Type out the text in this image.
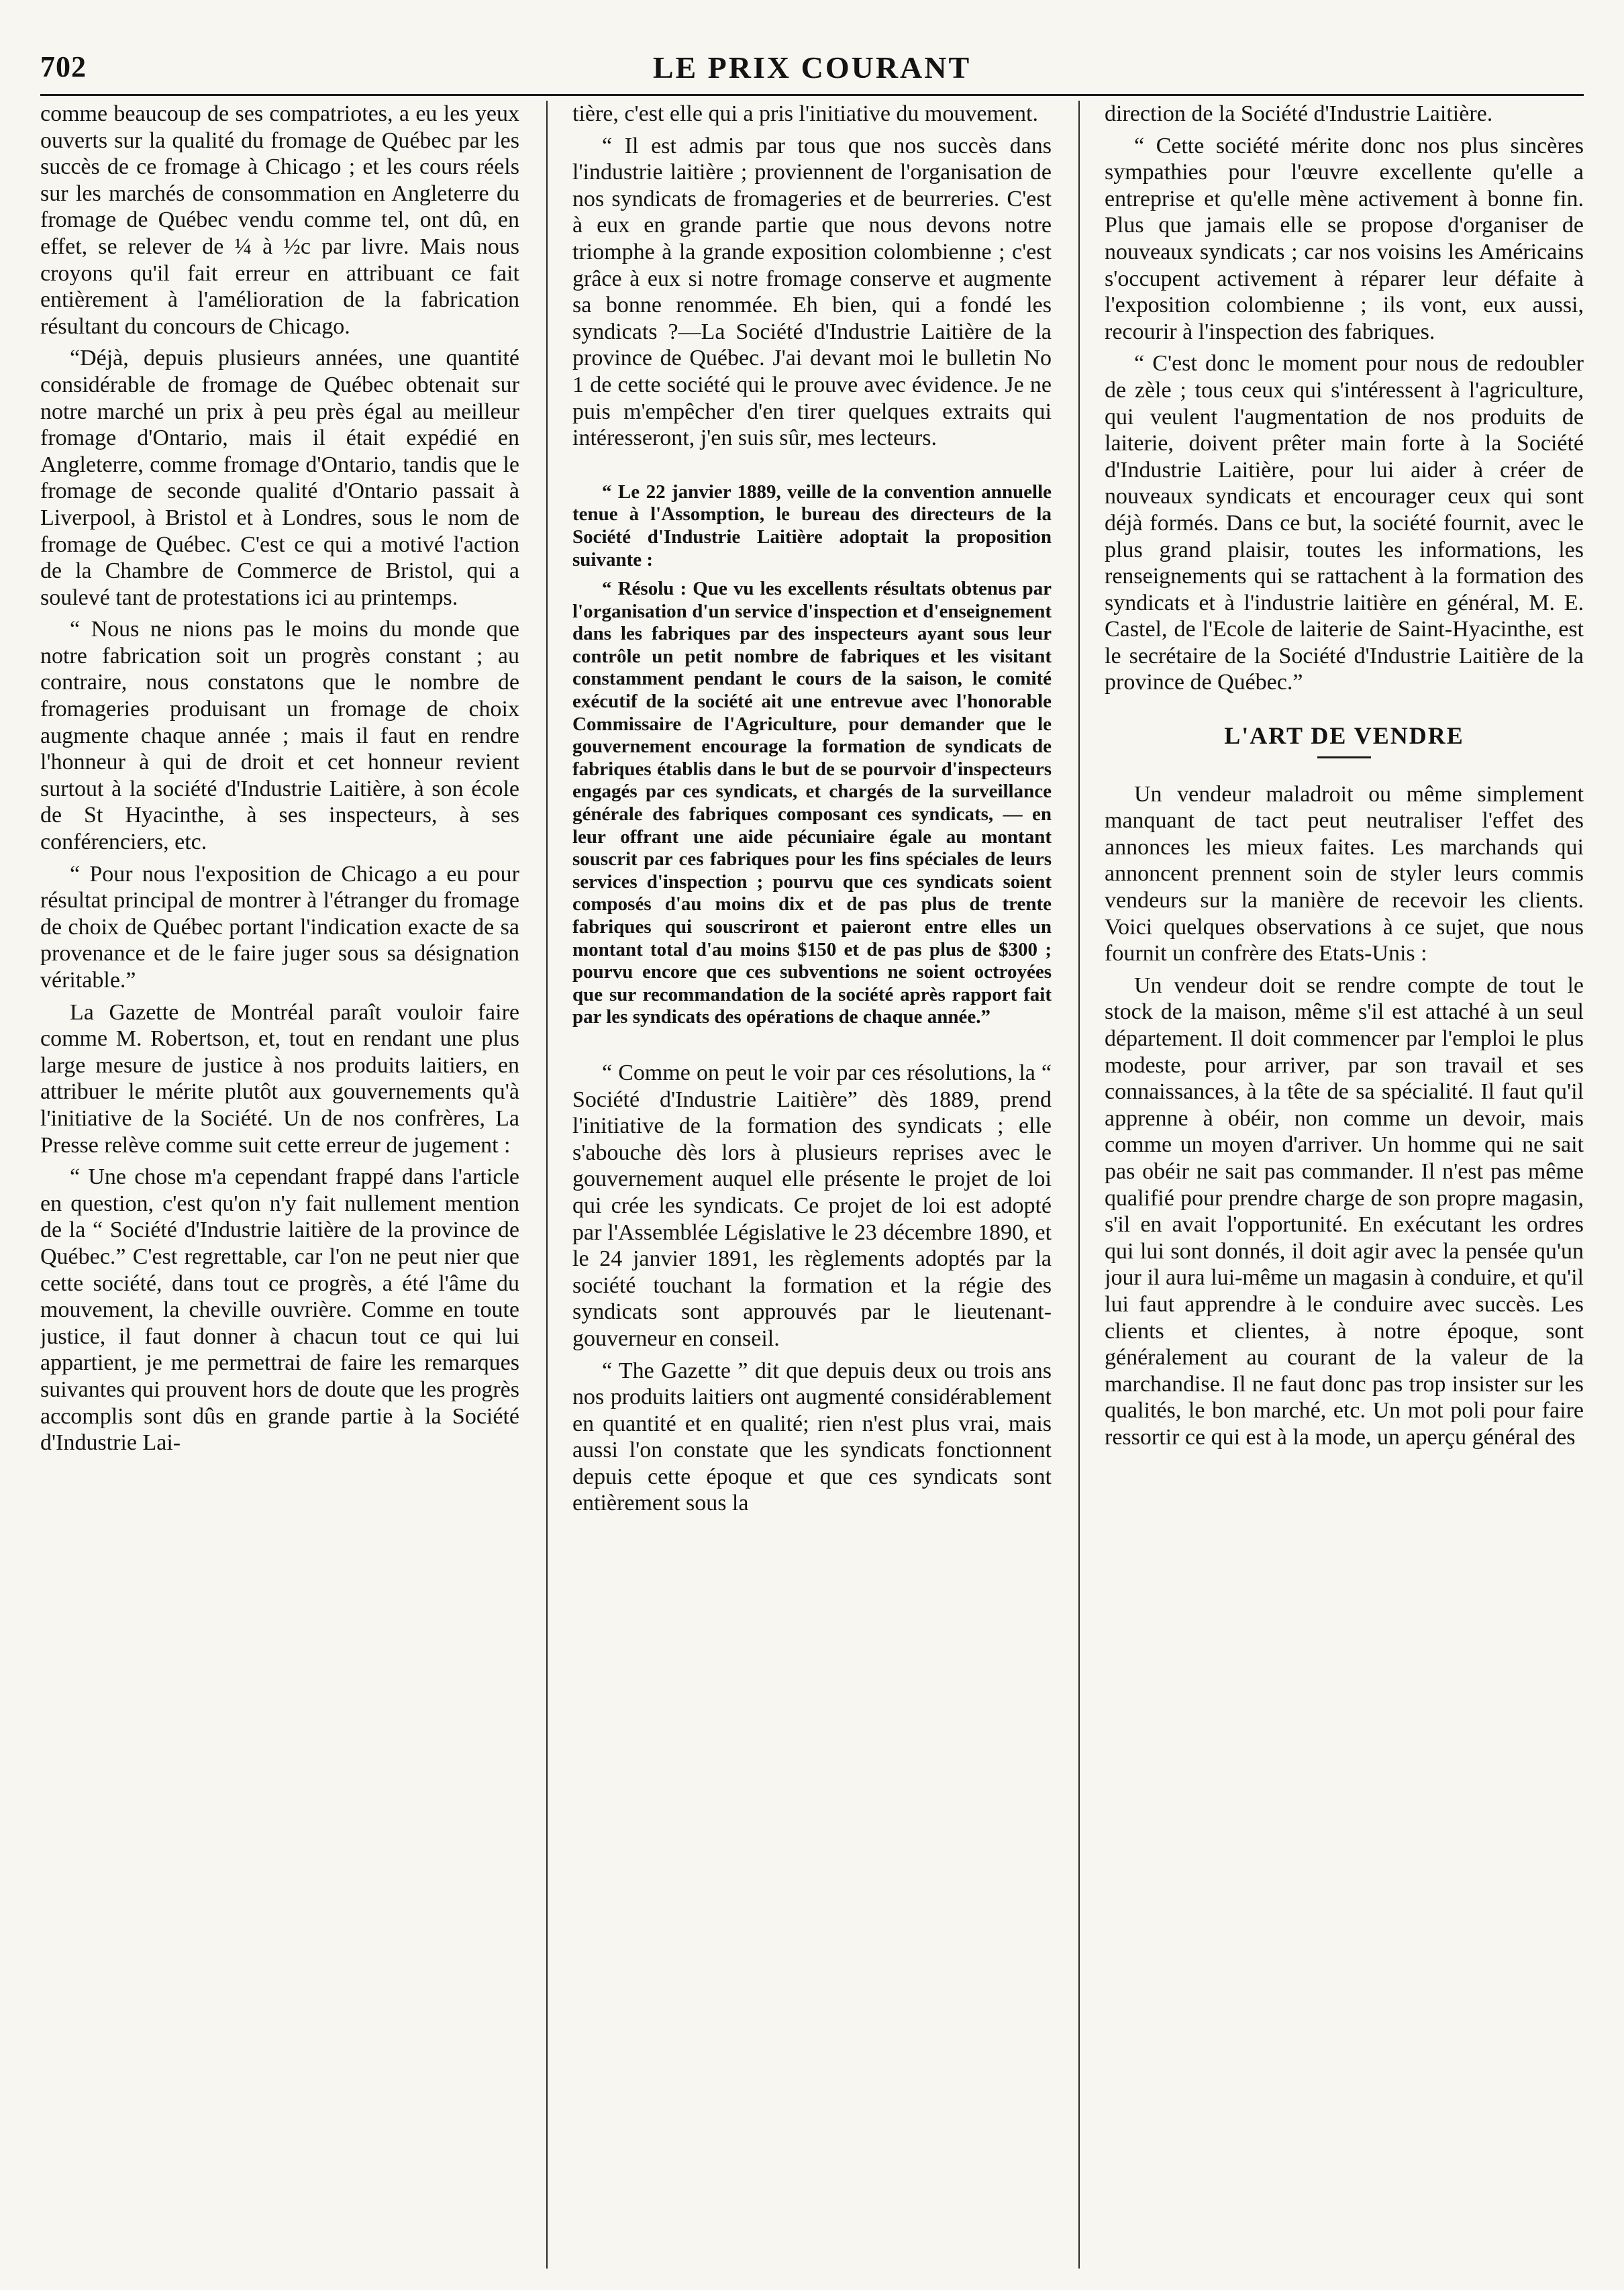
702	LE PRIX COURANT

comme beaucoup de ses compatriotes, a eu les yeux ouverts sur la qualité du fromage de Québec par les succès de ce fromage à Chicago ; et les cours réels sur les marchés de consommation en Angleterre du fromage de Québec vendu comme tel, ont dû, en effet, se relever de ¼ à ½c par livre. Mais nous croyons qu'il fait erreur en attribuant ce fait entièrement à l'amélioration de la fabrication résultant du concours de Chicago.

“Déjà, depuis plusieurs années, une quantité considérable de fromage de Québec obtenait sur notre marché un prix à peu près égal au meilleur fromage d'Ontario, mais il était expédié en Angleterre, comme fromage d'Ontario, tandis que le fromage de seconde qualité d'Ontario passait à Liverpool, à Bristol et à Londres, sous le nom de fromage de Québec. C'est ce qui a motivé l'action de la Chambre de Commerce de Bristol, qui a soulevé tant de protestations ici au printemps.

“ Nous ne nions pas le moins du monde que notre fabrication soit un progrès constant ; au contraire, nous constatons que le nombre de fromageries produisant un fromage de choix augmente chaque année ; mais il faut en rendre l'honneur à qui de droit et cet honneur revient surtout à la société d'Industrie Laitière, à son école de St Hyacinthe, à ses inspecteurs, à ses conférenciers, etc.

“ Pour nous l'exposition de Chicago a eu pour résultat principal de montrer à l'étranger du fromage de choix de Québec portant l'indication exacte de sa provenance et de le faire juger sous sa désignation véritable.”

La Gazette de Montréal paraît vouloir faire comme M. Robertson, et, tout en rendant une plus large mesure de justice à nos produits laitiers, en attribuer le mérite plutôt aux gouvernements qu'à l'initiative de la Société. Un de nos confrères, La Presse relève comme suit cette erreur de jugement :

“ Une chose m'a cependant frappé dans l'article en question, c'est qu'on n'y fait nullement mention de la “ Société d'Industrie laitière de la province de Québec.” C'est regrettable, car l'on ne peut nier que cette société, dans tout ce progrès, a été l'âme du mouvement, la cheville ouvrière. Comme en toute justice, il faut donner à chacun tout ce qui lui appartient, je me permettrai de faire les remarques suivantes qui prouvent hors de doute que les progrès accomplis sont dûs en grande partie à la Société d'Industrie Lai-

tière, c'est elle qui a pris l'initiative du mouvement.

“ Il est admis par tous que nos succès dans l'industrie laitière ; proviennent de l'organisation de nos syndicats de fromageries et de beurreries. C'est à eux en grande partie que nous devons notre triomphe à la grande exposition colombienne ; c'est grâce à eux si notre fromage conserve et augmente sa bonne renommée. Eh bien, qui a fondé les syndicats ?—La Société d'Industrie Laitière de la province de Québec. J'ai devant moi le bulletin No 1 de cette société qui le prouve avec évidence. Je ne puis m'empêcher d'en tirer quelques extraits qui intéresseront, j'en suis sûr, mes lecteurs.

“ Le 22 janvier 1889, veille de la convention annuelle tenue à l'Assomption, le bureau des directeurs de la Société d'Industrie Laitière adoptait la proposition suivante :

“ Résolu : Que vu les excellents résultats obtenus par l'organisation d'un service d'inspection et d'enseignement dans les fabriques par des inspecteurs ayant sous leur contrôle un petit nombre de fabriques et les visitant constamment pendant le cours de la saison, le comité exécutif de la société ait une entrevue avec l'honorable Commissaire de l'Agriculture, pour demander que le gouvernement encourage la formation de syndicats de fabriques établis dans le but de se pourvoir d'inspecteurs engagés par ces syndicats, et chargés de la surveillance générale des fabriques composant ces syndicats, — en leur offrant une aide pécuniaire égale au montant souscrit par ces fabriques pour les fins spéciales de leurs services d'inspection ; pourvu que ces syndicats soient composés d'au moins dix et de pas plus de trente fabriques qui souscriront et paieront entre elles un montant total d'au moins $150 et de pas plus de $300 ; pourvu encore que ces subventions ne soient octroyées que sur recommandation de la société après rapport fait par les syndicats des opérations de chaque année.”

“ Comme on peut le voir par ces résolutions, la “ Société d'Industrie Laitière” dès 1889, prend l'initiative de la formation des syndicats ; elle s'abouche dès lors à plusieurs reprises avec le gouvernement auquel elle présente le projet de loi qui crée les syndicats. Ce projet de loi est adopté par l'Assemblée Législative le 23 décembre 1890, et le 24 janvier 1891, les règlements adoptés par la société touchant la formation et la régie des syndicats sont approuvés par le lieutenant-gouverneur en conseil.

“ The Gazette ” dit que depuis deux ou trois ans nos produits laitiers ont augmenté considérablement en quantité et en qualité; rien n'est plus vrai, mais aussi l'on constate que les syndicats fonctionnent depuis cette époque et que ces syndicats sont entièrement sous la

direction de la Société d'Industrie Laitière.

“ Cette société mérite donc nos plus sincères sympathies pour l'œuvre excellente qu'elle a entreprise et qu'elle mène activement à bonne fin. Plus que jamais elle se propose d'organiser de nouveaux syndicats ; car nos voisins les Américains s'occupent activement à réparer leur défaite à l'exposition colombienne ; ils vont, eux aussi, recourir à l'inspection des fabriques.

“ C'est donc le moment pour nous de redoubler de zèle ; tous ceux qui s'intéressent à l'agriculture, qui veulent l'augmentation de nos produits de laiterie, doivent prêter main forte à la Société d'Industrie Laitière, pour lui aider à créer de nouveaux syndicats et encourager ceux qui sont déjà formés. Dans ce but, la société fournit, avec le plus grand plaisir, toutes les informations, les renseignements qui se rattachent à la formation des syndicats et à l'industrie laitière en général, M. E. Castel, de l'Ecole de laiterie de Saint-Hyacinthe, est le secrétaire de la Société d'Industrie Laitière de la province de Québec.”

L'ART DE VENDRE

Un vendeur maladroit ou même simplement manquant de tact peut neutraliser l'effet des annonces les mieux faites. Les marchands qui annoncent prennent soin de styler leurs commis vendeurs sur la manière de recevoir les clients. Voici quelques observations à ce sujet, que nous fournit un confrère des Etats-Unis :

Un vendeur doit se rendre compte de tout le stock de la maison, même s'il est attaché à un seul département. Il doit commencer par l'emploi le plus modeste, pour arriver, par son travail et ses connaissances, à la tête de sa spécialité. Il faut qu'il apprenne à obéir, non comme un devoir, mais comme un moyen d'arriver. Un homme qui ne sait pas obéir ne sait pas commander. Il n'est pas même qualifié pour prendre charge de son propre magasin, s'il en avait l'opportunité. En exécutant les ordres qui lui sont donnés, il doit agir avec la pensée qu'un jour il aura lui-même un magasin à conduire, et qu'il lui faut apprendre à le conduire avec succès. Les clients et clientes, à notre époque, sont généralement au courant de la valeur de la marchandise. Il ne faut donc pas trop insister sur les qualités, le bon marché, etc. Un mot poli pour faire ressortir ce qui est à la mode, un aperçu général des
